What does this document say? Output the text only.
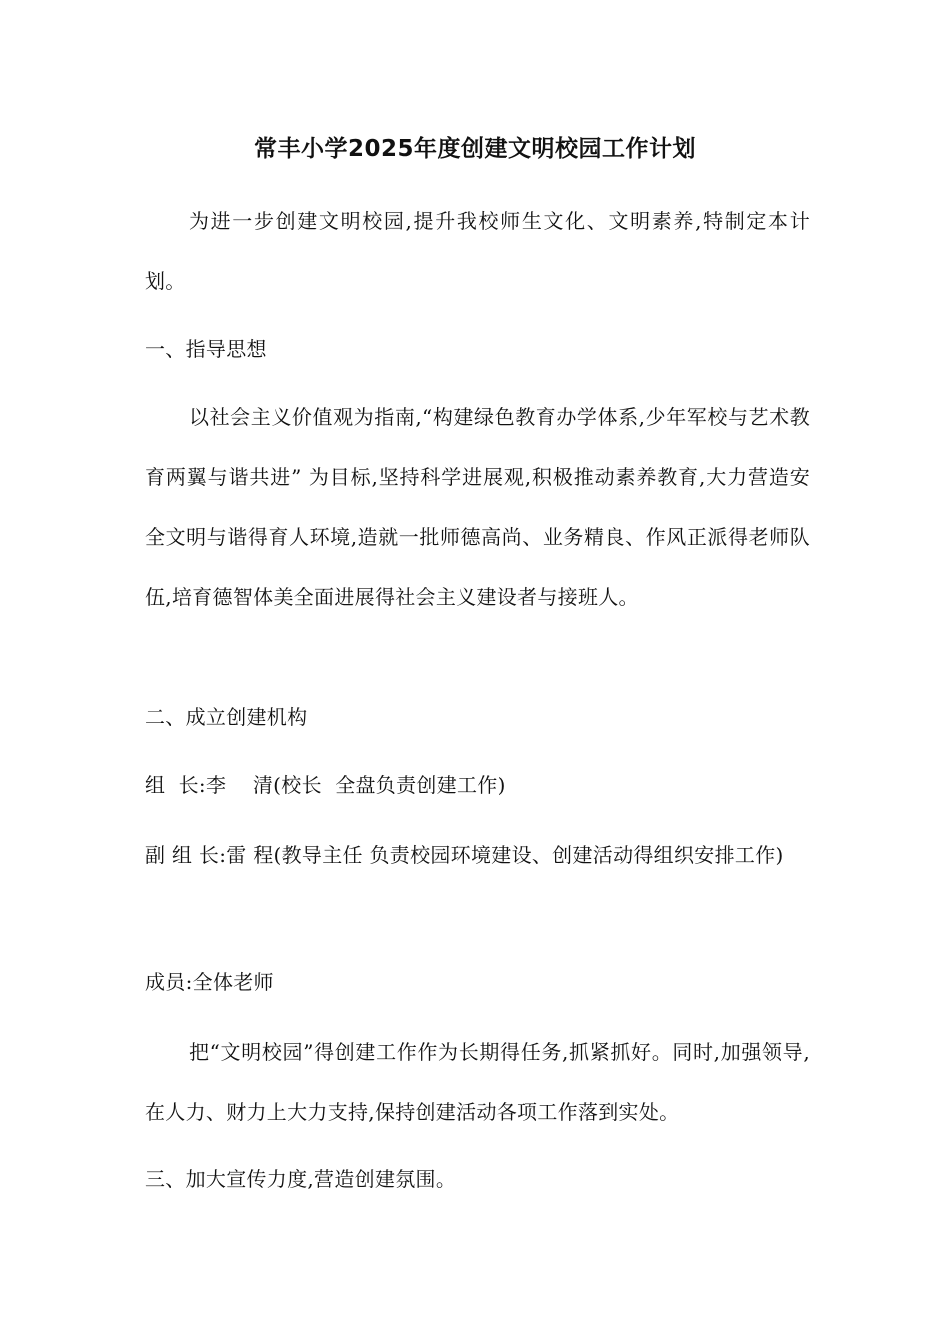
常丰小学2025年度创建文明校园工作计划

为进一步创建文明校园,提升我校师生文化、文明素养,特制定本计划。

一、指导思想

以社会主义价值观为指南,“构建绿色教育办学体系,少年军校与艺术教育两翼与谐共进” 为目标,坚持科学进展观,积极推动素养教育,大力营造安全文明与谐得育人环境,造就一批师德高尚、业务精良、作风正派得老师队伍,培育德智体美全面进展得社会主义建设者与接班人。

二、成立创建机构

组  长:李    清(校长  全盘负责创建工作)

副 组 长:雷 程(教导主任 负责校园环境建设、创建活动得组织安排工作)

成员:全体老师

把“文明校园”得创建工作作为长期得任务,抓紧抓好。同时,加强领导,在人力、财力上大力支持,保持创建活动各项工作落到实处。

三、加大宣传力度,营造创建氛围。
